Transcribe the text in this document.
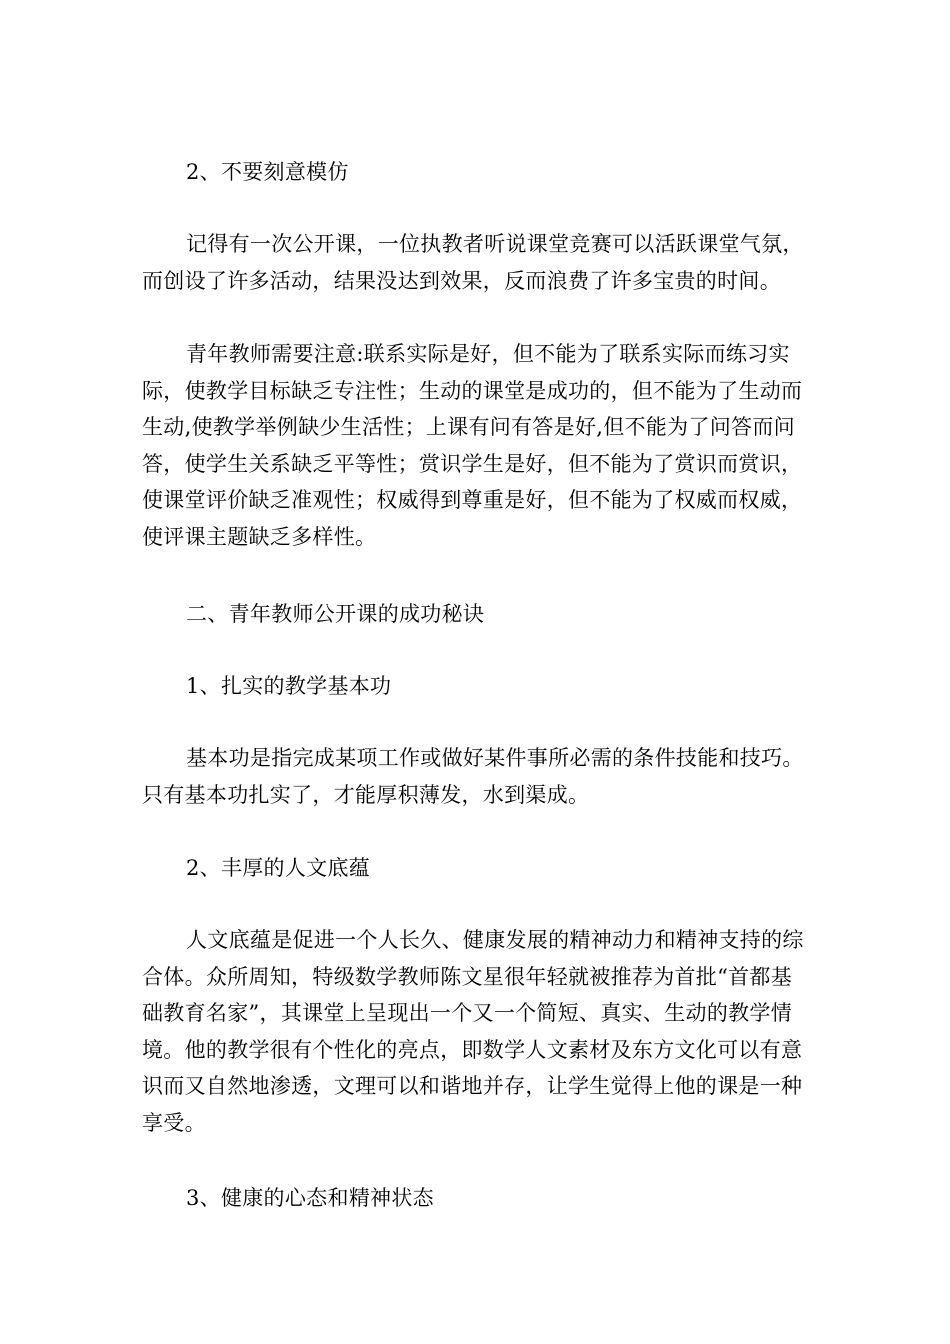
2、不要刻意模仿

记得有一次公开课，一位执教者听说课堂竞赛可以活跃课堂气氛，而创设了许多活动，结果没达到效果，反而浪费了许多宝贵的时间。

青年教师需要注意:联系实际是好，但不能为了联系实际而练习实际，使教学目标缺乏专注性；生动的课堂是成功的，但不能为了生动而生动,使教学举例缺少生活性；上课有问有答是好,但不能为了问答而问答，使学生关系缺乏平等性；赏识学生是好，但不能为了赏识而赏识，使课堂评价缺乏准观性；权威得到尊重是好，但不能为了权威而权威，使评课主题缺乏多样性。

二、青年教师公开课的成功秘诀

1、扎实的教学基本功

基本功是指完成某项工作或做好某件事所必需的条件技能和技巧。只有基本功扎实了，才能厚积薄发，水到渠成。

2、丰厚的人文底蕴

人文底蕴是促进一个人长久、健康发展的精神动力和精神支持的综合体。众所周知，特级数学教师陈文星很年轻就被推荐为首批“首都基础教育名家”，其课堂上呈现出一个又一个简短、真实、生动的教学情境。他的教学很有个性化的亮点，即数学人文素材及东方文化可以有意识而又自然地渗透，文理可以和谐地并存，让学生觉得上他的课是一种享受。

3、健康的心态和精神状态
